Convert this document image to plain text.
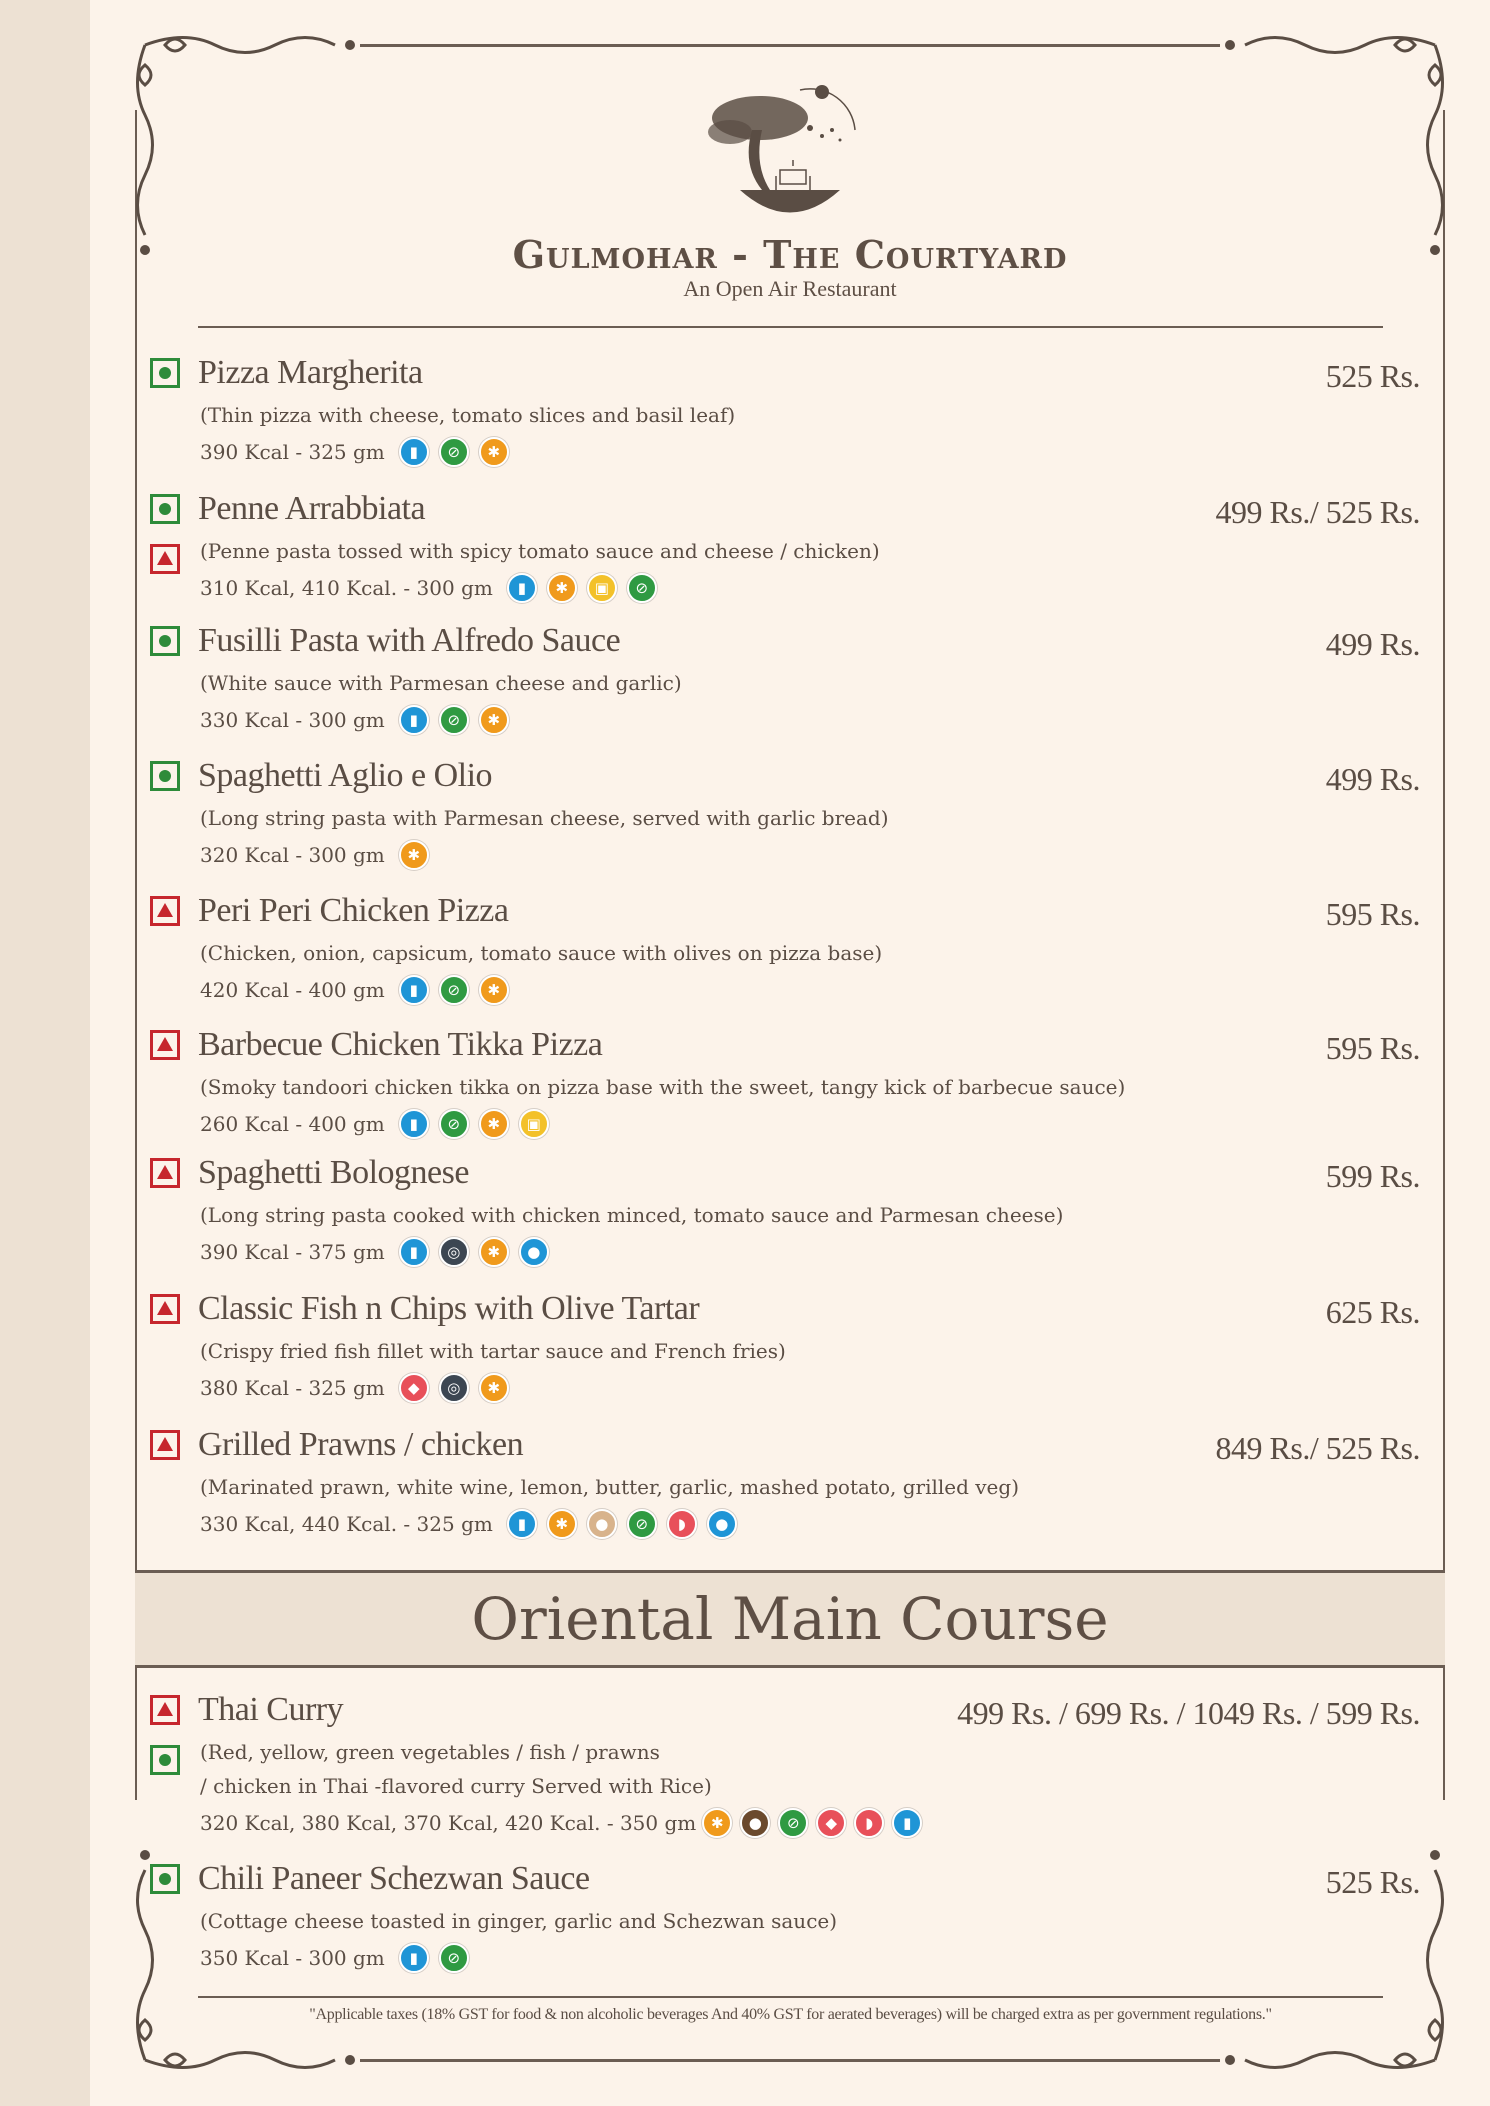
Gulmohar - The Courtyard
An Open Air Restaurant
Pizza Margherita	525 Rs.
(Thin pizza with cheese, tomato slices and basil leaf)
390 Kcal - 325 gm	▮	⊘	✱
Penne Arrabbiata	499 Rs./ 525 Rs.
(Penne pasta tossed with spicy tomato sauce and cheese / chicken)
310 Kcal, 410 Kcal. - 300 gm	▮	✱	▣	⊘
Fusilli Pasta with Alfredo Sauce	499 Rs.
(White sauce with Parmesan cheese and garlic)
330 Kcal - 300 gm	▮	⊘	✱
Spaghetti Aglio e Olio	499 Rs.
(Long string pasta with Parmesan cheese, served with garlic bread)
320 Kcal - 300 gm	✱
Peri Peri Chicken Pizza	595 Rs.
(Chicken, onion, capsicum, tomato sauce with olives on pizza base)
420 Kcal - 400 gm	▮	⊘	✱
Barbecue Chicken Tikka Pizza	595 Rs.
(Smoky tandoori chicken tikka on pizza base with the sweet, tangy kick of barbecue sauce)
260 Kcal - 400 gm	▮	⊘	✱	▣
Spaghetti Bolognese	599 Rs.
(Long string pasta cooked with chicken minced, tomato sauce and Parmesan cheese)
390 Kcal - 375 gm	▮	◎	✱	●
Classic Fish n Chips with Olive Tartar	625 Rs.
(Crispy fried fish fillet with tartar sauce and French fries)
380 Kcal - 325 gm	◆	◎	✱
Grilled Prawns / chicken	849 Rs./ 525 Rs.
(Marinated prawn, white wine, lemon, butter, garlic, mashed potato, grilled veg)
330 Kcal, 440 Kcal. - 325 gm	▮	✱	●	⊘	◗	●
Oriental Main Course
Thai Curry	499 Rs. / 699 Rs. / 1049 Rs. / 599 Rs.
(Red, yellow, green vegetables / fish / prawns
/ chicken in Thai -flavored curry Served with Rice)
320 Kcal, 380 Kcal, 370 Kcal, 420 Kcal. - 350 gm ✱	●	⊘	◆	◗	▮
Chili Paneer Schezwan Sauce	525 Rs.
(Cottage cheese toasted in ginger, garlic and Schezwan sauce)
350 Kcal - 300 gm	▮	⊘
"Applicable taxes (18% GST for food & non alcoholic beverages And 40% GST for aerated beverages) will be charged extra as per government regulations."
